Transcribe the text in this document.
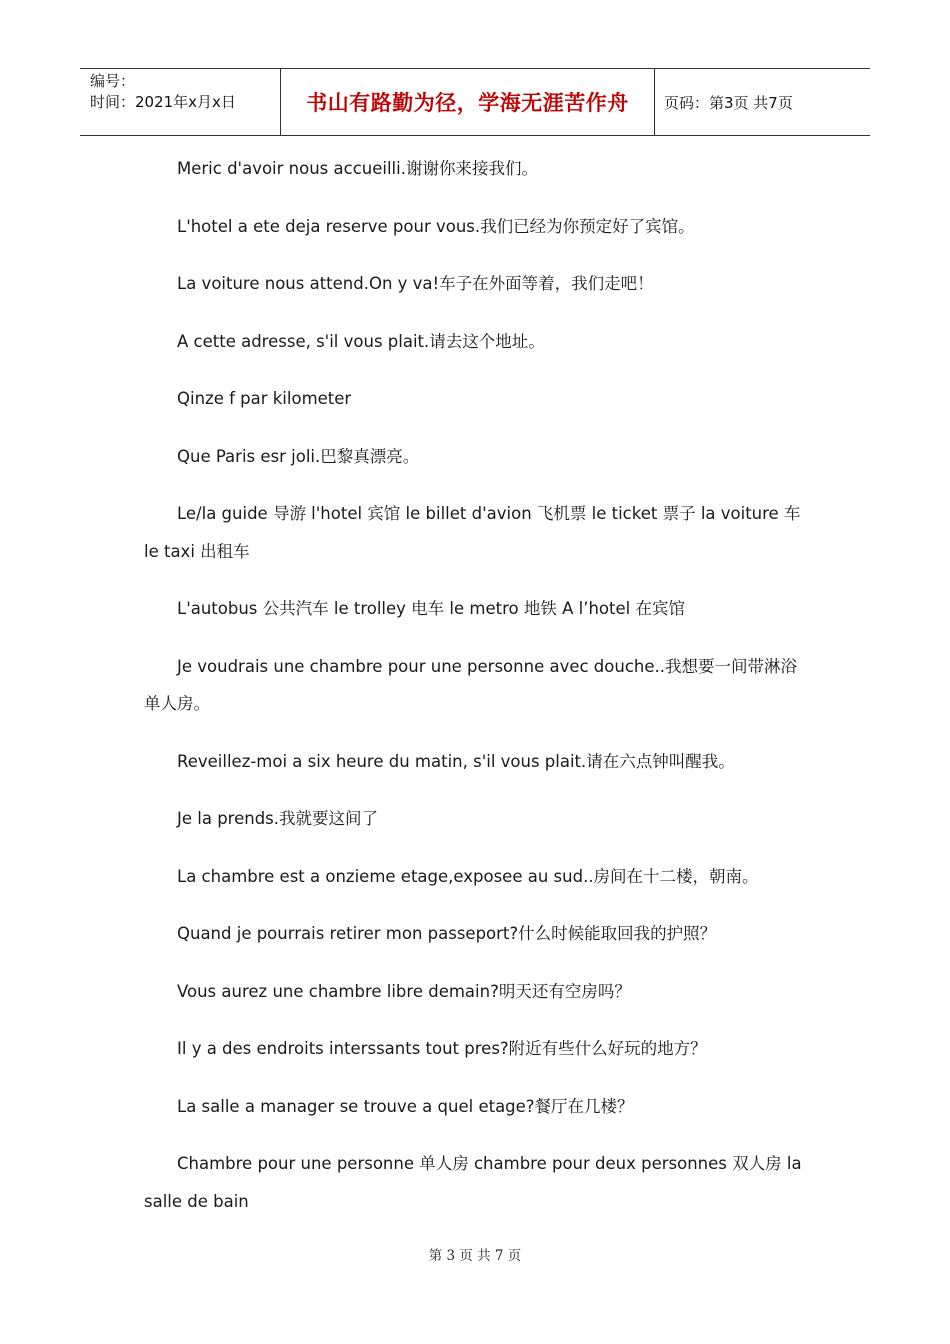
编号：
时间：2021年x月x日	书山有路勤为径，学海无涯苦作舟	页码：第3页 共7页

Meric d'avoir nous accueilli.谢谢你来接我们。

L'hotel a ete deja reserve pour vous.我们已经为你预定好了宾馆。

La voiture nous attend.On y va!车子在外面等着，我们走吧！

A cette adresse, s'il vous plait.请去这个地址。

Qinze f par kilometer

Que Paris esr joli.巴黎真漂亮。

Le/la guide 导游 l'hotel 宾馆 le billet d'avion 飞机票 le ticket 票子 la voiture 车 le taxi 出租车

L'autobus 公共汽车 le trolley 电车 le metro 地铁 A l’hotel 在宾馆

Je voudrais une chambre pour une personne avec douche..我想要一间带淋浴单人房。

Reveillez-moi a six heure du matin, s'il vous plait.请在六点钟叫醒我。

Je la prends.我就要这间了

La chambre est a onzieme etage,exposee au sud..房间在十二楼，朝南。

Quand je pourrais retirer mon passeport?什么时候能取回我的护照？

Vous aurez une chambre libre demain?明天还有空房吗？

Il y a des endroits interssants tout pres?附近有些什么好玩的地方？

La salle a manager se trouve a quel etage?餐厅在几楼？

Chambre pour une personne 单人房 chambre pour deux personnes 双人房 la salle de bain

第 3 页 共 7 页
